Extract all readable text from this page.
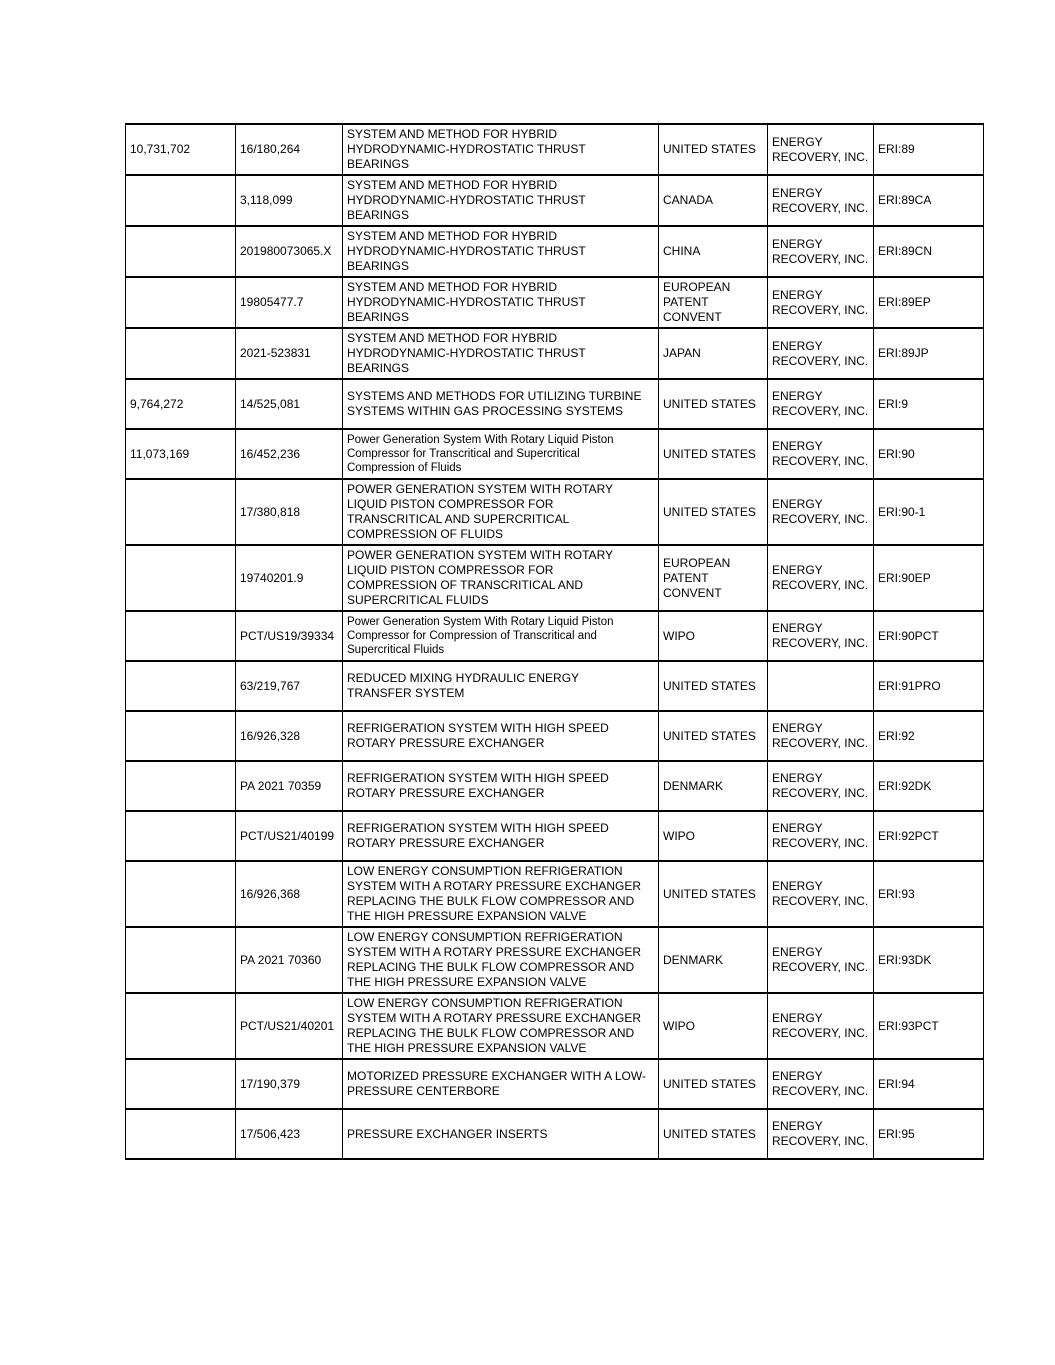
10,731,702	16/180,264	SYSTEM AND METHOD FOR HYBRID HYDRODYNAMIC-HYDROSTATIC THRUST BEARINGS	UNITED STATES	ENERGY RECOVERY, INC.	ERI:89
	3,118,099	SYSTEM AND METHOD FOR HYBRID HYDRODYNAMIC-HYDROSTATIC THRUST BEARINGS	CANADA	ENERGY RECOVERY, INC.	ERI:89CA
	201980073065.X	SYSTEM AND METHOD FOR HYBRID HYDRODYNAMIC-HYDROSTATIC THRUST BEARINGS	CHINA	ENERGY RECOVERY, INC.	ERI:89CN
	19805477.7	SYSTEM AND METHOD FOR HYBRID HYDRODYNAMIC-HYDROSTATIC THRUST BEARINGS	EUROPEAN PATENT CONVENT	ENERGY RECOVERY, INC.	ERI:89EP
	2021-523831	SYSTEM AND METHOD FOR HYBRID HYDRODYNAMIC-HYDROSTATIC THRUST BEARINGS	JAPAN	ENERGY RECOVERY, INC.	ERI:89JP
9,764,272	14/525,081	SYSTEMS AND METHODS FOR UTILIZING TURBINE SYSTEMS WITHIN GAS PROCESSING SYSTEMS	UNITED STATES	ENERGY RECOVERY, INC.	ERI:9
11,073,169	16/452,236	Power Generation System With Rotary Liquid Piston Compressor for Transcritical and Supercritical Compression of Fluids	UNITED STATES	ENERGY RECOVERY, INC.	ERI:90
	17/380,818	POWER GENERATION SYSTEM WITH ROTARY LIQUID PISTON COMPRESSOR FOR TRANSCRITICAL AND SUPERCRITICAL COMPRESSION OF FLUIDS	UNITED STATES	ENERGY RECOVERY, INC.	ERI:90-1
	19740201.9	POWER GENERATION SYSTEM WITH ROTARY LIQUID PISTON COMPRESSOR FOR COMPRESSION OF TRANSCRITICAL AND SUPERCRITICAL FLUIDS	EUROPEAN PATENT CONVENT	ENERGY RECOVERY, INC.	ERI:90EP
	PCT/US19/39334	Power Generation System With Rotary Liquid Piston Compressor for Compression of Transcritical and Supercritical Fluids	WIPO	ENERGY RECOVERY, INC.	ERI:90PCT
	63/219,767	REDUCED MIXING HYDRAULIC ENERGY TRANSFER SYSTEM	UNITED STATES		ERI:91PRO
	16/926,328	REFRIGERATION SYSTEM WITH HIGH SPEED ROTARY PRESSURE EXCHANGER	UNITED STATES	ENERGY RECOVERY, INC.	ERI:92
	PA 2021 70359	REFRIGERATION SYSTEM WITH HIGH SPEED ROTARY PRESSURE EXCHANGER	DENMARK	ENERGY RECOVERY, INC.	ERI:92DK
	PCT/US21/40199	REFRIGERATION SYSTEM WITH HIGH SPEED ROTARY PRESSURE EXCHANGER	WIPO	ENERGY RECOVERY, INC.	ERI:92PCT
	16/926,368	LOW ENERGY CONSUMPTION REFRIGERATION SYSTEM WITH A ROTARY PRESSURE EXCHANGER REPLACING THE BULK FLOW COMPRESSOR AND THE HIGH PRESSURE EXPANSION VALVE	UNITED STATES	ENERGY RECOVERY, INC.	ERI:93
	PA 2021 70360	LOW ENERGY CONSUMPTION REFRIGERATION SYSTEM WITH A ROTARY PRESSURE EXCHANGER REPLACING THE BULK FLOW COMPRESSOR AND THE HIGH PRESSURE EXPANSION VALVE	DENMARK	ENERGY RECOVERY, INC.	ERI:93DK
	PCT/US21/40201	LOW ENERGY CONSUMPTION REFRIGERATION SYSTEM WITH A ROTARY PRESSURE EXCHANGER REPLACING THE BULK FLOW COMPRESSOR AND THE HIGH PRESSURE EXPANSION VALVE	WIPO	ENERGY RECOVERY, INC.	ERI:93PCT
	17/190,379	MOTORIZED PRESSURE EXCHANGER WITH A LOW-PRESSURE CENTERBORE	UNITED STATES	ENERGY RECOVERY, INC.	ERI:94
	17/506,423	PRESSURE EXCHANGER INSERTS	UNITED STATES	ENERGY RECOVERY, INC.	ERI:95
